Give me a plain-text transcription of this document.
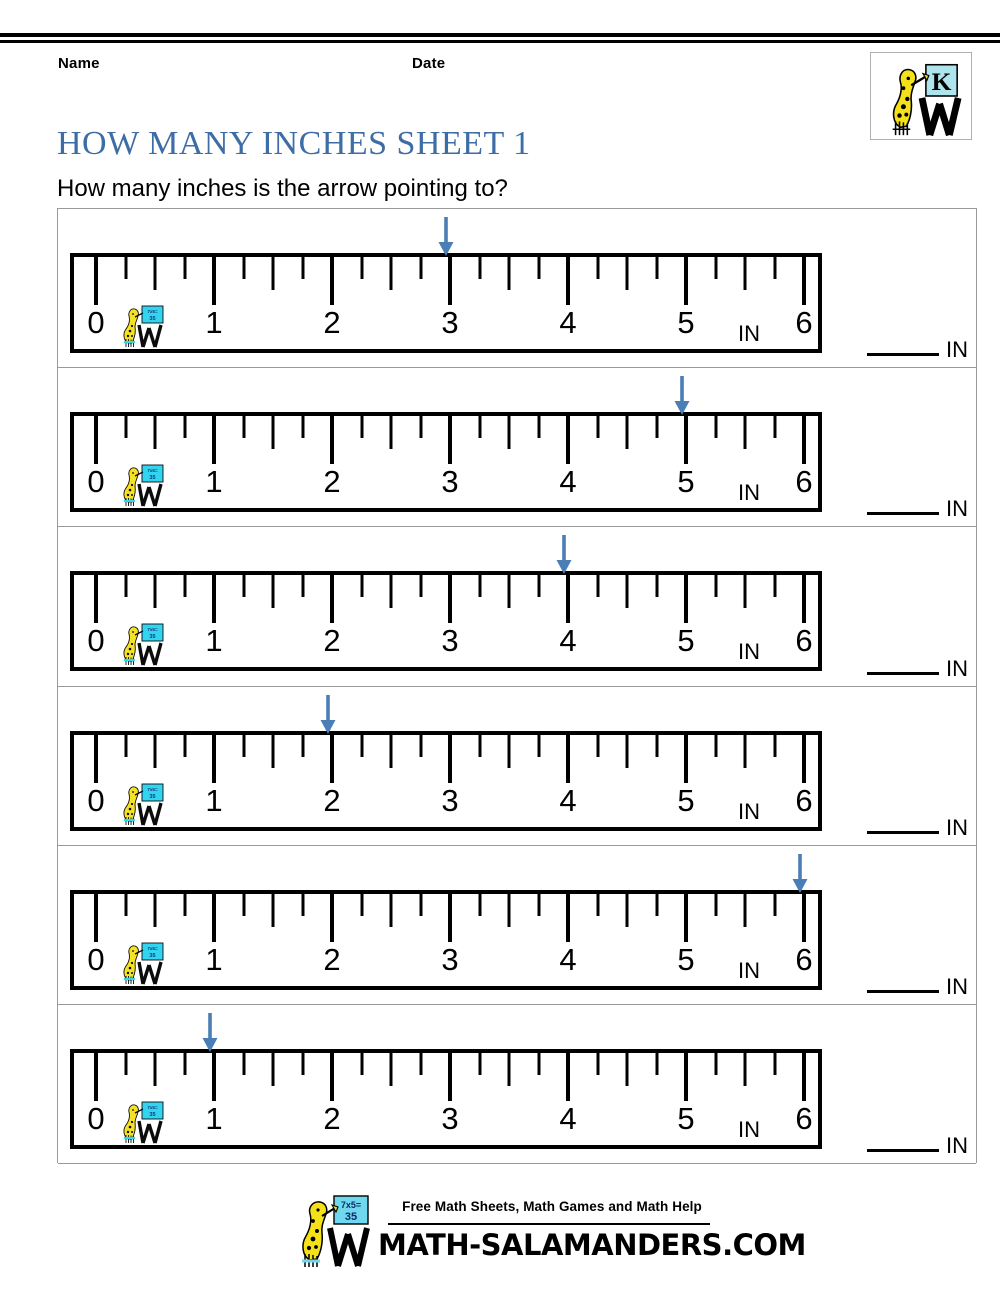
Name	Date
K
HOW MANY INCHES SHEET 1
How many inches is the arrow pointing to?
0	1	2	3	4	5	6
IN
7x5=
35
IN
0	1	2	3	4	5	6
IN
7x5=
35
IN
0	1	2	3	4	5	6
IN
7x5=
35
IN
0	1	2	3	4	5	6
IN
7x5=
35
IN
0	1	2	3	4	5	6
IN
7x5=
35
IN
0	1	2	3	4	5	6
IN
7x5=
35
IN
7x5=
35
Free Math Sheets, Math Games and Math Help
MATH-SALAMANDERS.COM
